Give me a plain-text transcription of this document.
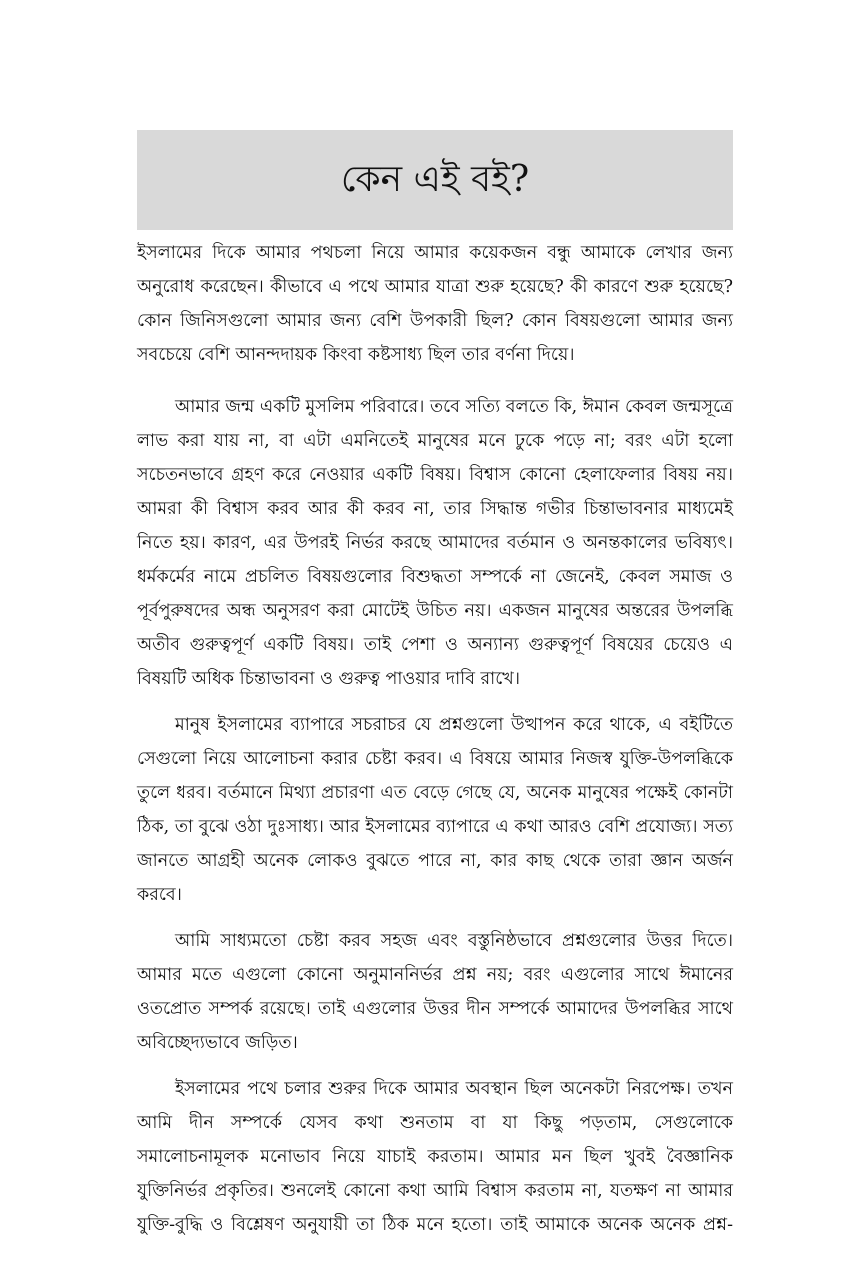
কেন এই বই?

ইসলামের দিকে আমার পথচলা নিয়ে আমার কয়েকজন বন্ধু আমাকে লেখার জন্য অনুরোধ করেছেন। কীভাবে এ পথে আমার যাত্রা শুরু হয়েছে? কী কারণে শুরু হয়েছে? কোন জিনিসগুলো আমার জন্য বেশি উপকারী ছিল? কোন বিষয়গুলো আমার জন্য সবচেয়ে বেশি আনন্দদায়ক কিংবা কষ্টসাধ্য ছিল তার বর্ণনা দিয়ে।

আমার জন্ম একটি মুসলিম পরিবারে। তবে সত্যি বলতে কি, ঈমান কেবল জন্মসূত্রে লাভ করা যায় না, বা এটা এমনিতেই মানুষের মনে ঢুকে পড়ে না; বরং এটা হলো সচেতনভাবে গ্রহণ করে নেওয়ার একটি বিষয়। বিশ্বাস কোনো হেলাফেলার বিষয় নয়। আমরা কী বিশ্বাস করব আর কী করব না, তার সিদ্ধান্ত গভীর চিন্তাভাবনার মাধ্যমেই নিতে হয়। কারণ, এর উপরই নির্ভর করছে আমাদের বর্তমান ও অনন্তকালের ভবিষ্যৎ। ধর্মকর্মের নামে প্রচলিত বিষয়গুলোর বিশুদ্ধতা সম্পর্কে না জেনেই, কেবল সমাজ ও পূর্বপুরুষদের অন্ধ অনুসরণ করা মোটেই উচিত নয়। একজন মানুষের অন্তরের উপলব্ধি অতীব গুরুত্বপূর্ণ একটি বিষয়। তাই পেশা ও অন্যান্য গুরুত্বপূর্ণ বিষয়ের চেয়েও এ বিষয়টি অধিক চিন্তাভাবনা ও গুরুত্ব পাওয়ার দাবি রাখে।

মানুষ ইসলামের ব্যাপারে সচরাচর যে প্রশ্নগুলো উত্থাপন করে থাকে, এ বইটিতে সেগুলো নিয়ে আলোচনা করার চেষ্টা করব। এ বিষয়ে আমার নিজস্ব যুক্তি-উপলব্ধিকে তুলে ধরব। বর্তমানে মিথ্যা প্রচারণা এত বেড়ে গেছে যে, অনেক মানুষের পক্ষেই কোনটা ঠিক, তা বুঝে ওঠা দুঃসাধ্য। আর ইসলামের ব্যাপারে এ কথা আরও বেশি প্রযোজ্য। সত্য জানতে আগ্রহী অনেক লোকও বুঝতে পারে না, কার কাছ থেকে তারা জ্ঞান অর্জন করবে।

আমি সাধ্যমতো চেষ্টা করব সহজ এবং বস্তুনিষ্ঠভাবে প্রশ্নগুলোর উত্তর দিতে। আমার মতে এগুলো কোনো অনুমাননির্ভর প্রশ্ন নয়; বরং এগুলোর সাথে ঈমানের ওতপ্রোত সম্পর্ক রয়েছে। তাই এগুলোর উত্তর দীন সম্পর্কে আমাদের উপলব্ধির সাথে অবিচ্ছেদ্যভাবে জড়িত।

ইসলামের পথে চলার শুরুর দিকে আমার অবস্থান ছিল অনেকটা নিরপেক্ষ। তখন আমি দীন সম্পর্কে যেসব কথা শুনতাম বা যা কিছু পড়তাম, সেগুলোকে সমালোচনামূলক মনোভাব নিয়ে যাচাই করতাম। আমার মন ছিল খুবই বৈজ্ঞানিক যুক্তিনির্ভর প্রকৃতির। শুনলেই কোনো কথা আমি বিশ্বাস করতাম না, যতক্ষণ না আমার যুক্তি-বুদ্ধি ও বিশ্লেষণ অনুযায়ী তা ঠিক মনে হতো। তাই আমাকে অনেক অনেক প্রশ্ন-
